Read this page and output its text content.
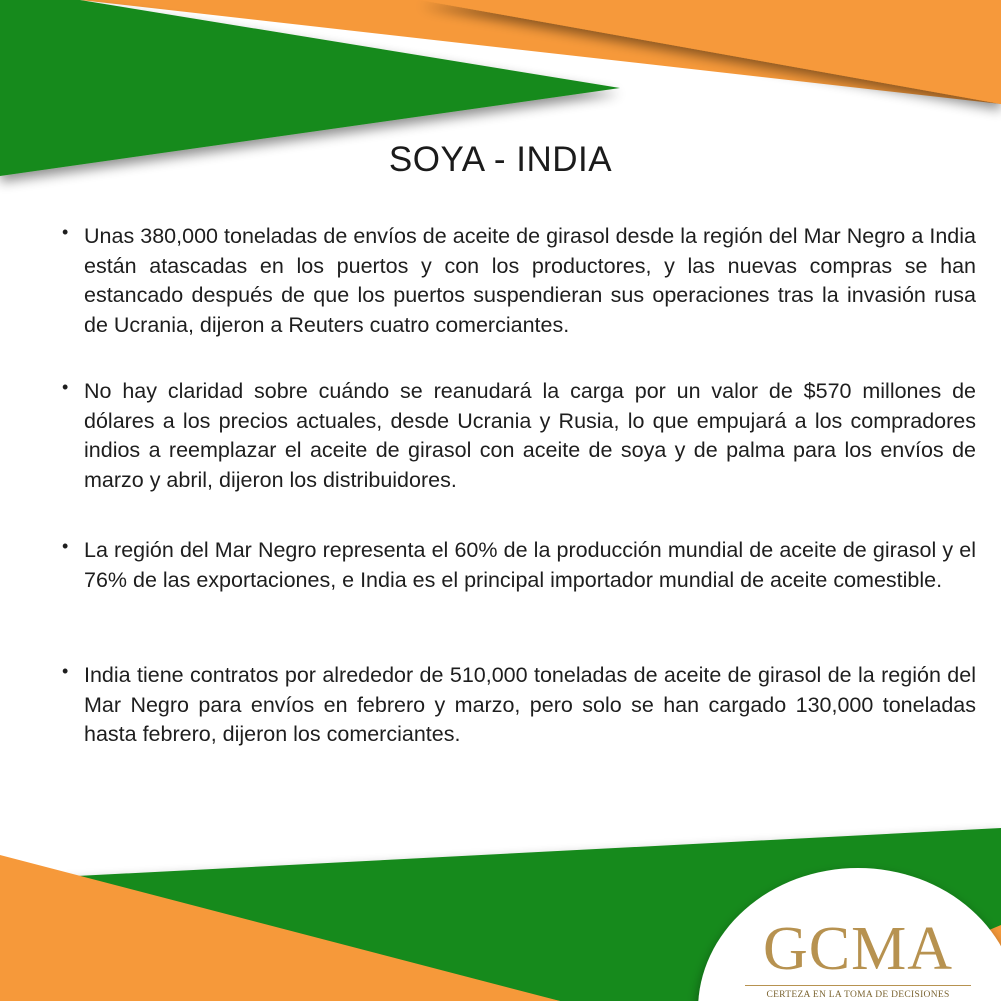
SOYA - INDIA
• Unas 380,000 toneladas de envíos de aceite de girasol desde la región del Mar Negro a India están atascadas en los puertos y con los productores, y las nuevas compras se han estancado después de que los puertos suspendieran sus operaciones tras la invasión rusa de Ucrania, dijeron a Reuters cuatro comerciantes.
• No hay claridad sobre cuándo se reanudará la carga por un valor de $570 millones de dólares a los precios actuales, desde Ucrania y Rusia, lo que empujará a los compradores indios a reemplazar el aceite de girasol con aceite de soya y de palma para los envíos de marzo y abril, dijeron los distribuidores.
• La región del Mar Negro representa el 60% de la producción mundial de aceite de girasol y el 76% de las exportaciones, e India es el principal importador mundial de aceite comestible.
• India tiene contratos por alrededor de 510,000 toneladas de aceite de girasol de la región del Mar Negro para envíos en febrero y marzo, pero solo se han cargado 130,000 toneladas hasta febrero, dijeron los comerciantes.
GCMA
CERTEZA EN LA TOMA DE DECISIONES
